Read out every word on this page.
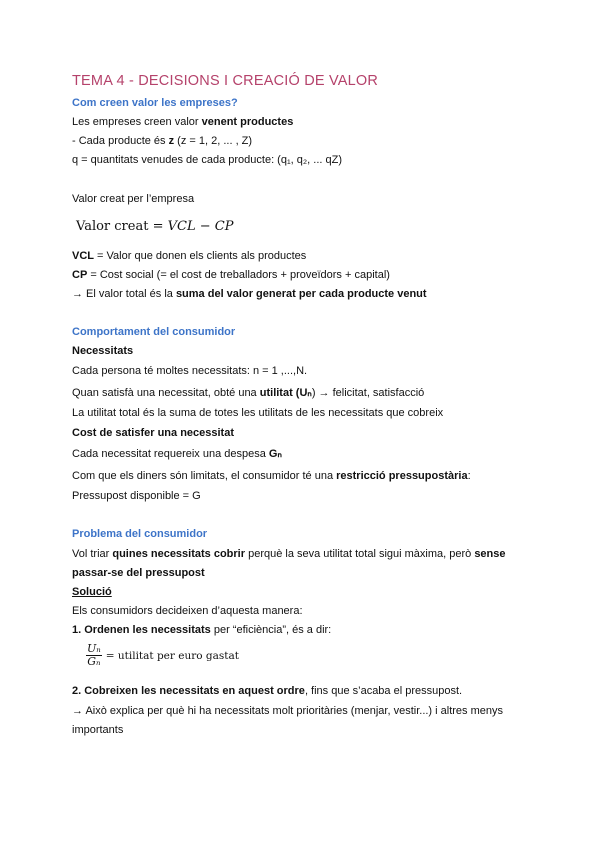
TEMA 4 - DECISIONS I CREACIÓ DE VALOR
Com creen valor les empreses?
Les empreses creen valor venent productes
- Cada producte és z (z = 1, 2, ... , Z)
q = quantitats venudes de cada producte: (q₁, q₂, ... qZ)
Valor creat per l’empresa
Valor creat = VCL − CP
VCL = Valor que donen els clients als productes
CP = Cost social (= el cost de treballadors + proveïdors + capital)
→ El valor total és la suma del valor generat per cada producte venut
Comportament del consumidor
Necessitats
Cada persona té moltes necessitats: n = 1 ,...,N.
Quan satisfà una necessitat, obté una utilitat (Uₙ) → felicitat, satisfacció
La utilitat total és la suma de totes les utilitats de les necessitats que cobreix
Cost de satisfer una necessitat
Cada necessitat requereix una despesa Gₙ
Com que els diners són limitats, el consumidor té una restricció pressupostària:
Pressupost disponible = G
Problema del consumidor
Vol triar quines necessitats cobrir perquè la seva utilitat total sigui màxima, però sense
passar-se del pressupost
Solució
Els consumidors decideixen d’aquesta manera:
1. Ordenen les necessitats per “eficiència”, és a dir:
$\frac{\text{Uₙ}}{\text{Gₙ}}$ = utilitat per euro gastat
2. Cobreixen les necessitats en aquest ordre, fins que s’acaba el pressupost.
→ Això explica per què hi ha necessitats molt prioritàries (menjar, vestir...) i altres menys
importants
